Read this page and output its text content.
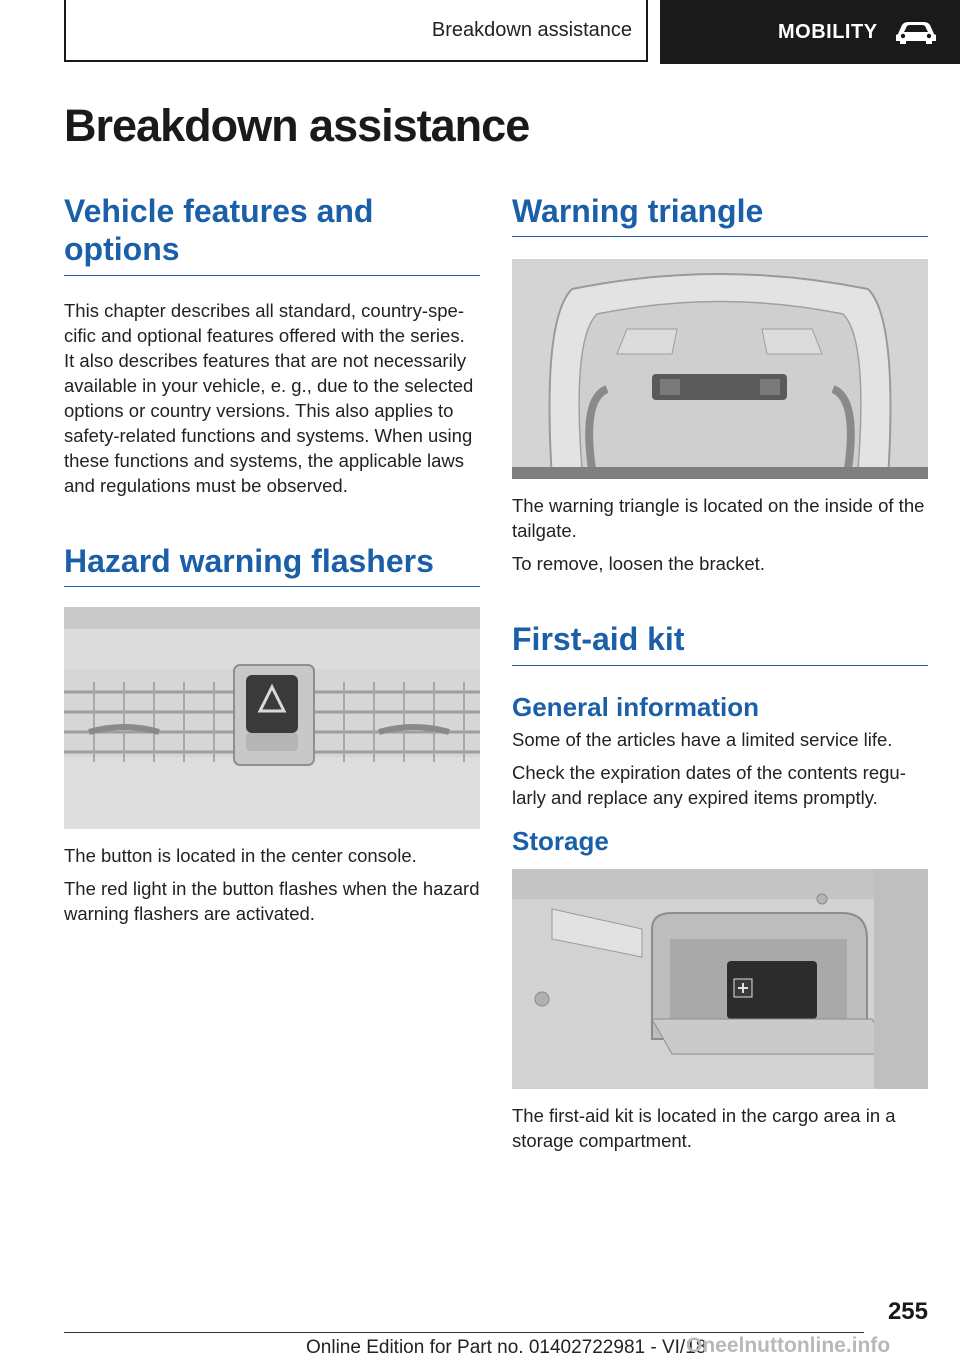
Breakdown assistance	MOBILITY
Breakdown assistance
Vehicle features and options

This chapter describes all standard, country-specific and optional features offered with the series. It also describes features that are not necessarily available in your vehicle, e. g., due to the selected options or country versions. This also applies to safety-related functions and systems. When using these functions and systems, the applicable laws and regulations must be observed.

Hazard warning flashers

The button is located in the center console.

The red light in the button flashes when the hazard warning flashers are activated.

Warning triangle

The warning triangle is located on the inside of the tailgate.

To remove, loosen the bracket.

First-aid kit
General information

Some of the articles have a limited service life.

Check the expiration dates of the contents regularly and replace any expired items promptly.

Storage

The first-aid kit is located in the cargo area in a storage compartment.

255
Online Edition for Part no. 01402722981 - VI/18
Oneelnuttonline.info
